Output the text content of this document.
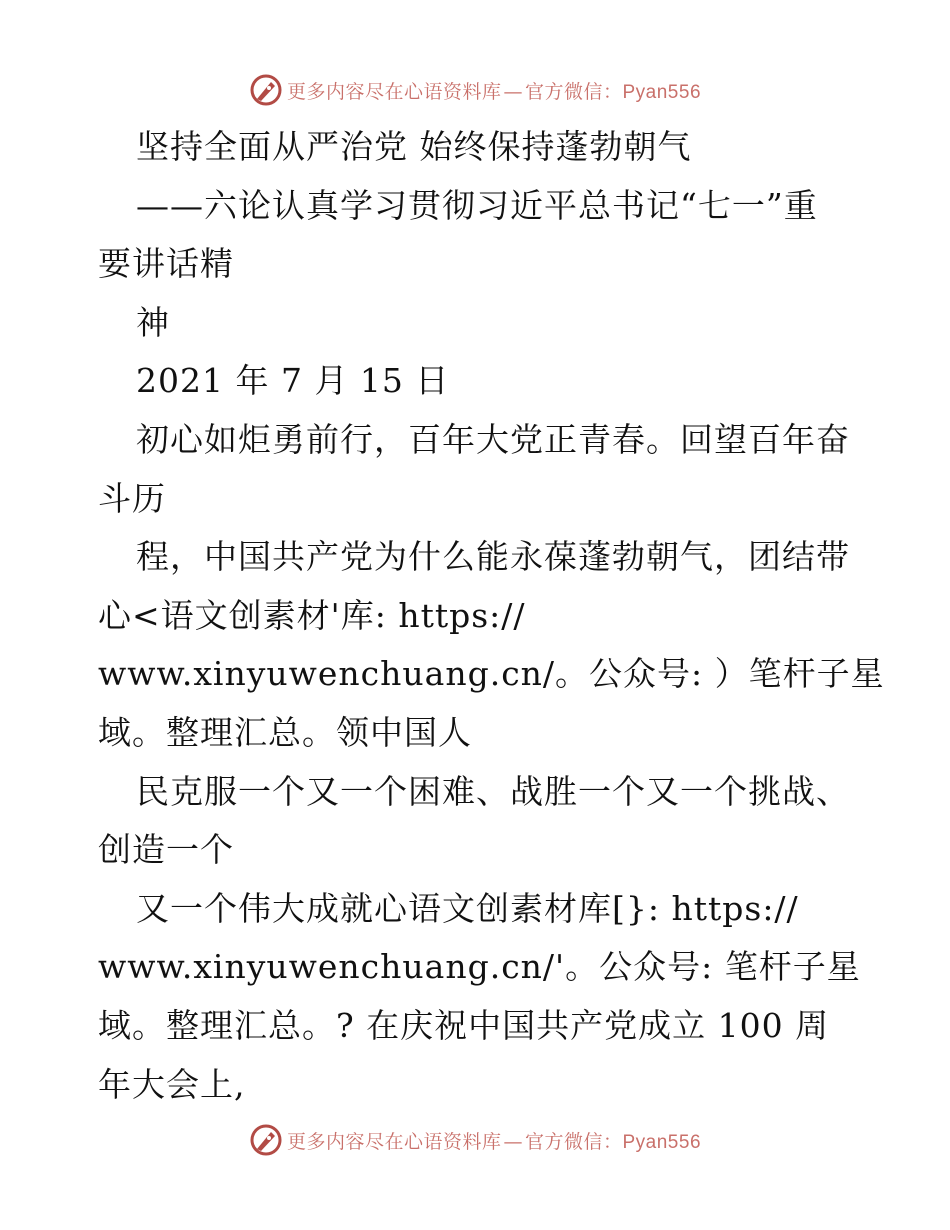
更多内容尽在心语资料库 — 官方微信：Pyan556
坚持全面从严治党 始终保持蓬勃朝气
——六论认真学习贯彻习近平总书记“七一”重
要讲话精
神
2021 年 7 月 15 日
初心如炬勇前行，百年大党正青春。回望百年奋
斗历
程，中国共产党为什么能永葆蓬勃朝气，团结带
心<语文创素材'库: https://
www.xinyuwenchuang.cn/。公众号: ）笔杆子星
域。整理汇总。领中国人
民克服一个又一个困难、战胜一个又一个挑战、
创造一个
又一个伟大成就心语文创素材库[}: https://
www.xinyuwenchuang.cn/'。公众号: 笔杆子星
域。整理汇总。? 在庆祝中国共产党成立 100 周
年大会上,
更多内容尽在心语资料库 — 官方微信：Pyan556
